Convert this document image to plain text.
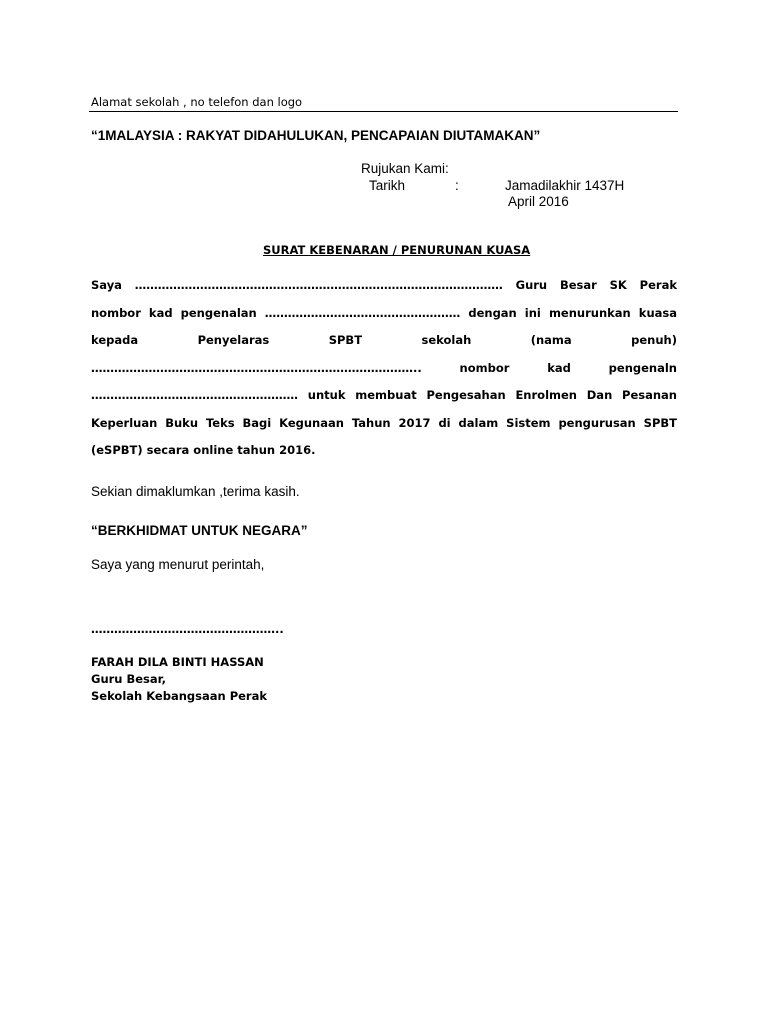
Alamat sekolah , no telefon dan logo
“1MALAYSIA : RAKYAT DIDAHULUKAN, PENCAPAIAN DIUTAMAKAN”
Rujukan Kami:
Tarikh	:	Jamadilakhir 1437H
April 2016
SURAT KEBENARAN / PENURUNAN KUASA
Saya …………………………………………………………………………………… Guru Besar SK Perak nombor kad pengenalan …………………………………………… dengan ini menurunkan kuasa kepada Penyelaras SPBT sekolah (nama penuh) ………………………………………………………………………….. nombor kad pengenaln ……………………………………………… untuk membuat Pengesahan Enrolmen Dan Pesanan Keperluan Buku Teks Bagi Kegunaan Tahun 2017 di dalam Sistem pengurusan SPBT (eSPBT) secara online tahun 2016.
Sekian dimaklumkan ,terima kasih.
“BERKHIDMAT UNTUK NEGARA”
Saya yang menurut perintah,
…………………………………………..
FARAH DILA BINTI HASSAN
Guru Besar,
Sekolah Kebangsaan Perak
